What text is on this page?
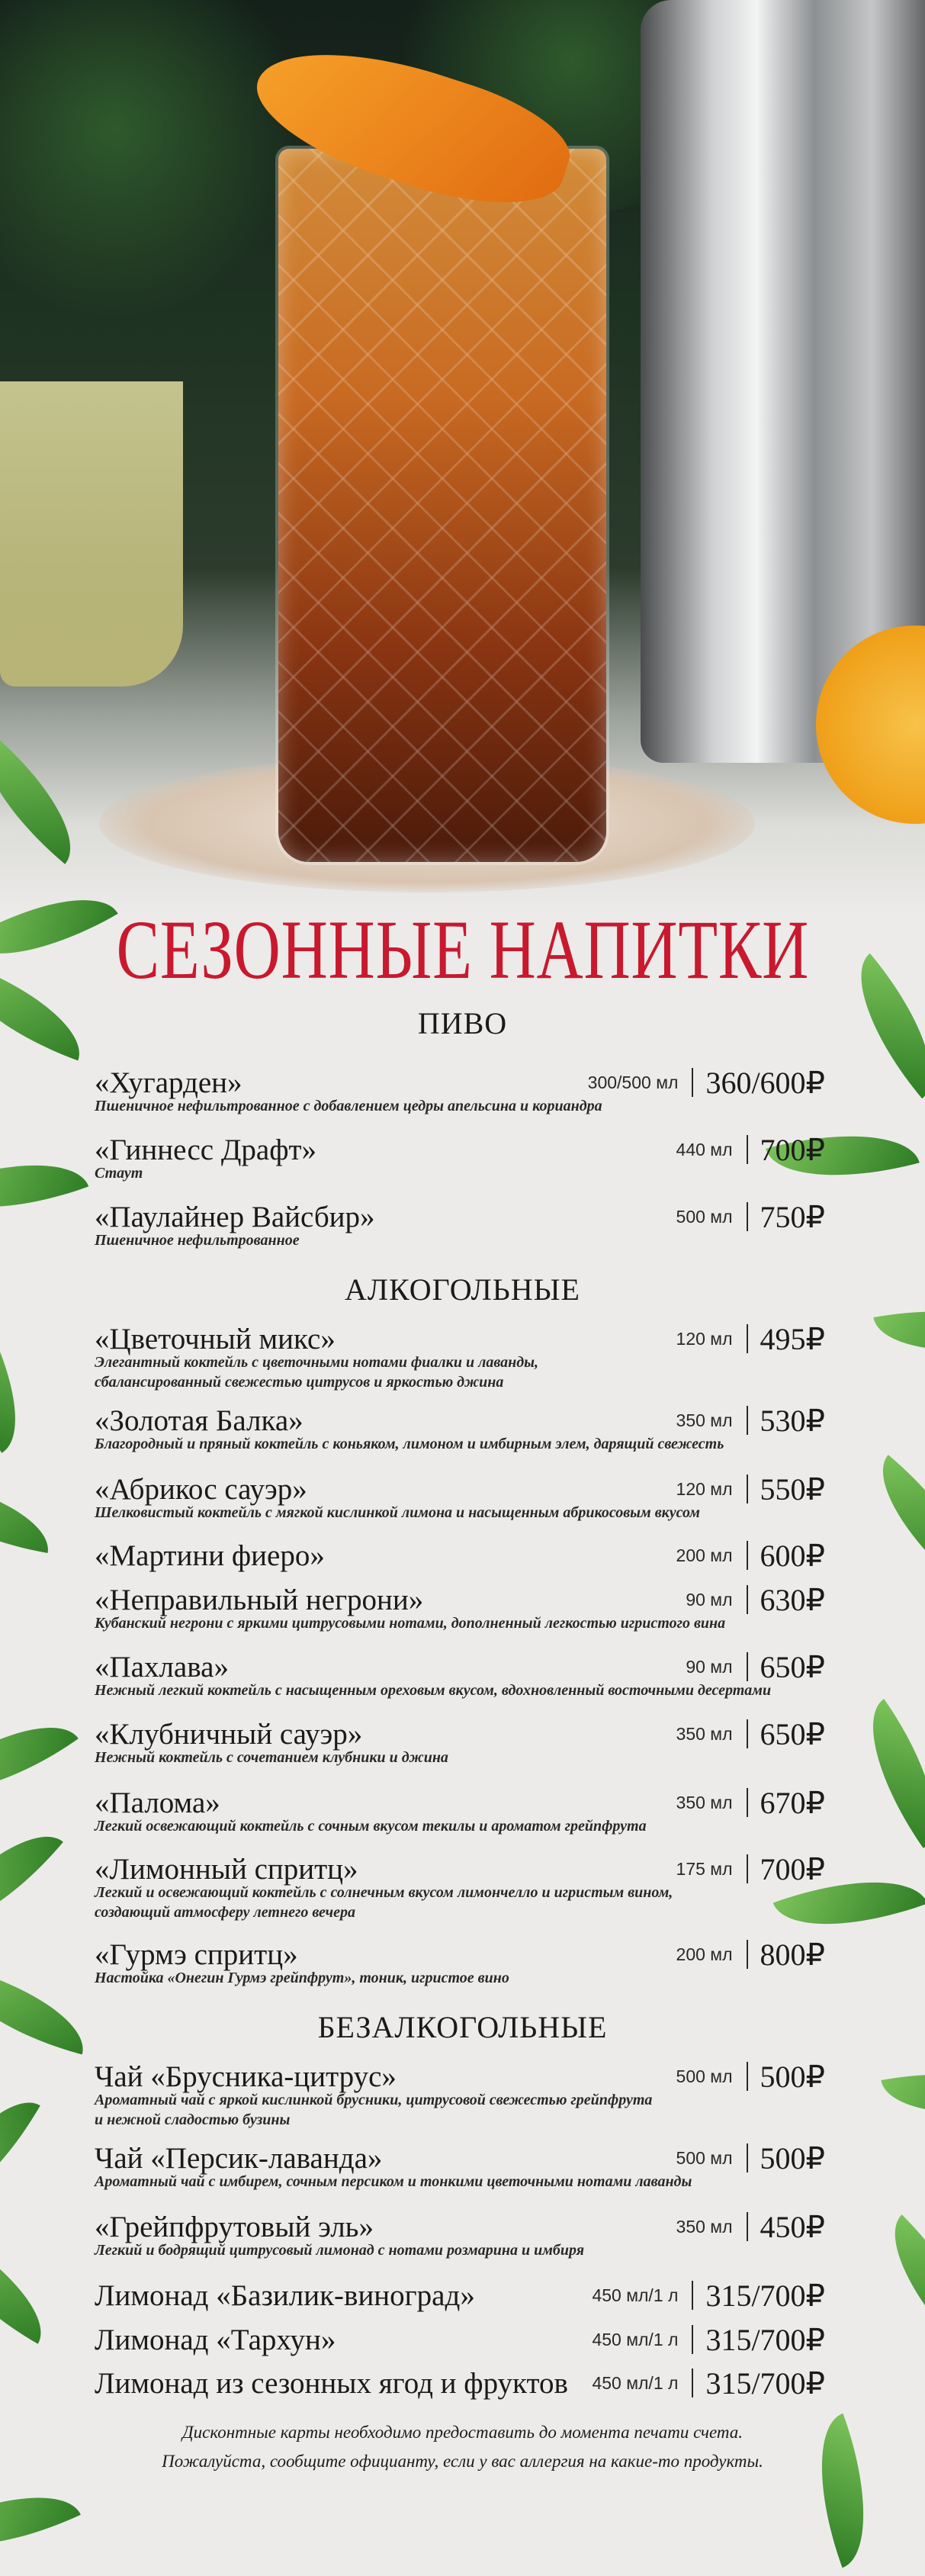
СЕЗОННЫЕ НАПИТКИ
ПИВО
АЛКОГОЛЬНЫЕ
БЕЗАЛКОГОЛЬНЫЕ
«Хугарден»	300/500 мл 360/600₽
Пшеничное нефильтрованное с добавлением цедры апельсина и кориандра
«Гиннесс Драфт»	440 мл 700₽
Стаут
«Паулайнер Вайсбир»	500 мл 750₽
Пшеничное нефильтрованное
«Цветочный микс»	120 мл 495₽
Элегантный коктейль с цветочными нотами фиалки и лаванды,
сбалансированный свежестью цитрусов и яркостью джина
«Золотая Балка»	350 мл 530₽
Благородный и пряный коктейль с коньяком, лимоном и имбирным элем, дарящий свежесть
«Абрикос сауэр»	120 мл 550₽
Шелковистый коктейль с мягкой кислинкой лимона и насыщенным абрикосовым вкусом
«Мартини фиеро»	200 мл 600₽
«Неправильный негрони»	90 мл 630₽
Кубанский негрони с яркими цитрусовыми нотами, дополненный легкостью игристого вина
«Пахлава»	90 мл 650₽
Нежный легкий коктейль с насыщенным ореховым вкусом, вдохновленный восточными десертами
«Клубничный сауэр»	350 мл 650₽
Нежный коктейль с сочетанием клубники и джина
«Палома»	350 мл 670₽
Легкий освежающий коктейль с сочным вкусом текилы и ароматом грейпфрута
«Лимонный спритц»	175 мл 700₽
Легкий и освежающий коктейль с солнечным вкусом лимончелло и игристым вином,
создающий атмосферу летнего вечера
«Гурмэ спритц»	200 мл 800₽
Настойка «Онегин Гурмэ грейпфрут», тоник, игристое вино
Чай «Брусника-цитрус»	500 мл 500₽
Ароматный чай с яркой кислинкой брусники, цитрусовой свежестью грейпфрута
и нежной сладостью бузины
Чай «Персик-лаванда»	500 мл 500₽
Ароматный чай с имбирем, сочным персиком и тонкими цветочными нотами лаванды
«Грейпфрутовый эль»	350 мл 450₽
Легкий и бодрящий цитрусовый лимонад с нотами розмарина и имбиря
Лимонад «Базилик-виноград»	450 мл/1 л 315/700₽
Лимонад «Тархун»	450 мл/1 л 315/700₽
Лимонад из сезонных ягод и фруктов	450 мл/1 л 315/700₽
Дисконтные карты необходимо предоставить до момента печати счета.
Пожалуйста, сообщите официанту, если у вас аллергия на какие-то продукты.
